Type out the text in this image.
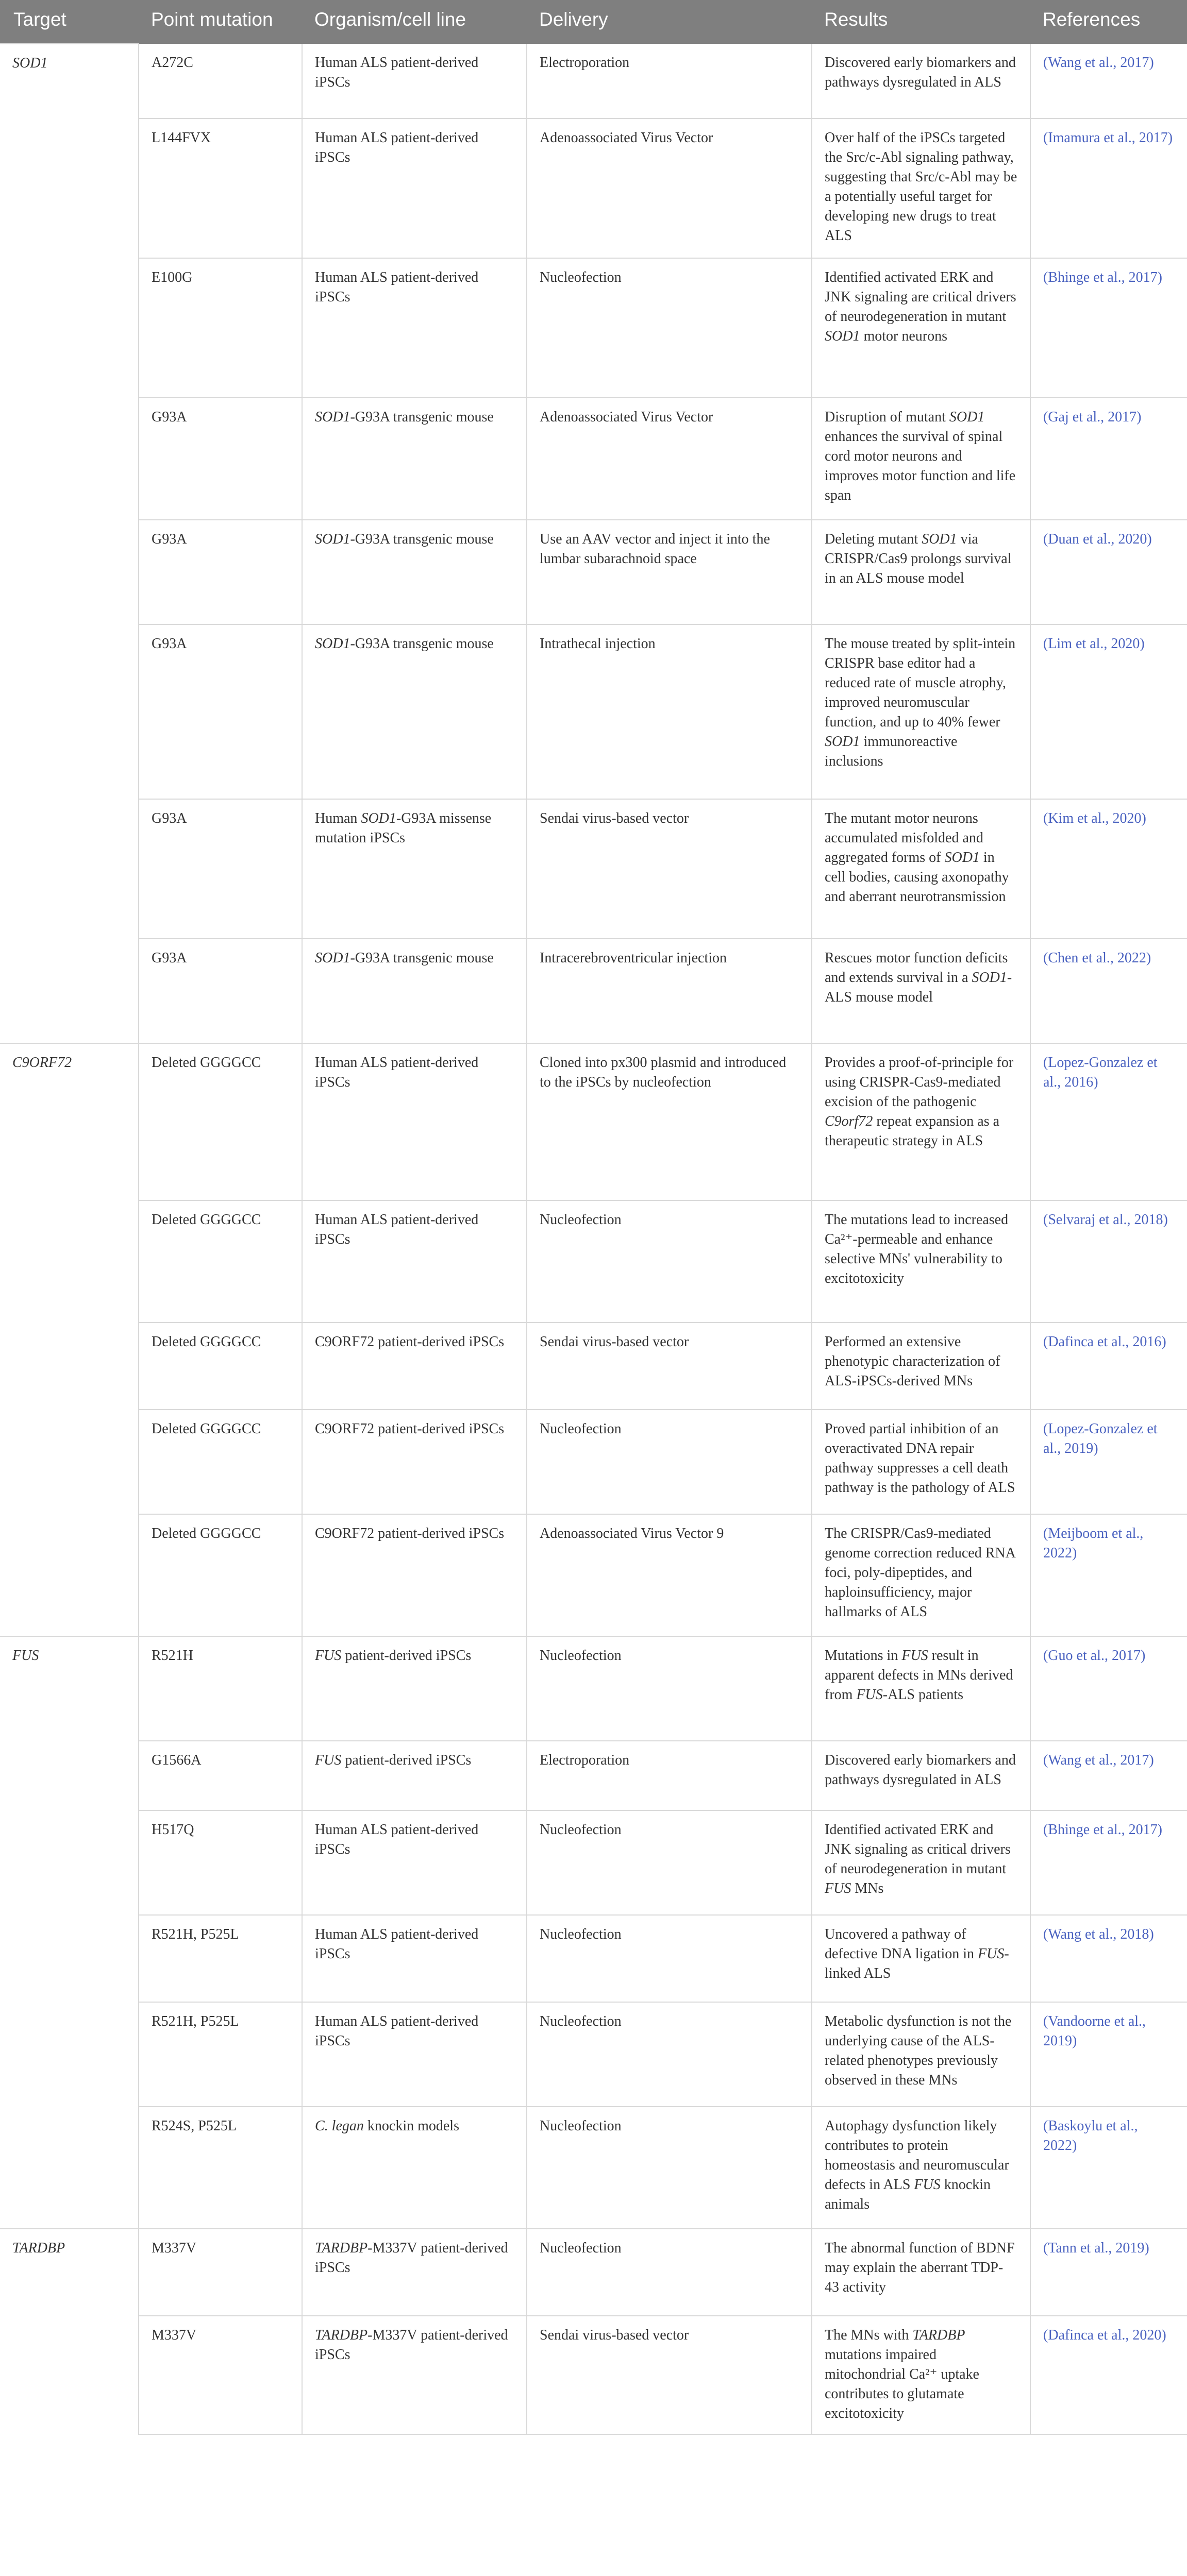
Target	Point mutation	Organism/cell line	Delivery	Results	References
SOD1	A272C	Human ALS patient-derived iPSCs	Electroporation	Discovered early biomarkers and pathways dysregulated in ALS	(Wang et al., 2017)
	L144FVX	Human ALS patient-derived iPSCs	Adenoassociated Virus Vector	Over half of the iPSCs targeted the Src/c-Abl signaling pathway, suggesting that Src/c-Abl may be a potentially useful target for developing new drugs to treat ALS	(Imamura et al., 2017)
	E100G	Human ALS patient-derived iPSCs	Nucleofection	Identified activated ERK and JNK signaling are critical drivers of neurodegeneration in mutant SOD1 motor neurons	(Bhinge et al., 2017)
	G93A	SOD1-G93A transgenic mouse	Adenoassociated Virus Vector	Disruption of mutant SOD1 enhances the survival of spinal cord motor neurons and improves motor function and life span	(Gaj et al., 2017)
	G93A	SOD1-G93A transgenic mouse	Use an AAV vector and inject it into the lumbar subarachnoid space	Deleting mutant SOD1 via CRISPR/Cas9 prolongs survival in an ALS mouse model	(Duan et al., 2020)
	G93A	SOD1-G93A transgenic mouse	Intrathecal injection	The mouse treated by split-intein CRISPR base editor had a reduced rate of muscle atrophy, improved neuromuscular function, and up to 40% fewer SOD1 immunoreactive inclusions	(Lim et al., 2020)
	G93A	Human SOD1-G93A missense mutation iPSCs	Sendai virus-based vector	The mutant motor neurons accumulated misfolded and aggregated forms of SOD1 in cell bodies, causing axonopathy and aberrant neurotransmission	(Kim et al., 2020)
	G93A	SOD1-G93A transgenic mouse	Intracerebroventricular injection	Rescues motor function deficits and extends survival in a SOD1-ALS mouse model	(Chen et al., 2022)
C9ORF72	Deleted GGGGCC	Human ALS patient-derived iPSCs	Cloned into px300 plasmid and introduced to the iPSCs by nucleofection	Provides a proof-of-principle for using CRISPR-Cas9-mediated excision of the pathogenic C9orf72 repeat expansion as a therapeutic strategy in ALS	(Lopez-Gonzalez et al., 2016)
	Deleted GGGGCC	Human ALS patient-derived iPSCs	Nucleofection	The mutations lead to increased Ca²⁺-permeable and enhance selective MNs' vulnerability to excitotoxicity	(Selvaraj et al., 2018)
	Deleted GGGGCC	C9ORF72 patient-derived iPSCs	Sendai virus-based vector	Performed an extensive phenotypic characterization of ALS-iPSCs-derived MNs	(Dafinca et al., 2016)
	Deleted GGGGCC	C9ORF72 patient-derived iPSCs	Nucleofection	Proved partial inhibition of an overactivated DNA repair pathway suppresses a cell death pathway is the pathology of ALS	(Lopez-Gonzalez et al., 2019)
	Deleted GGGGCC	C9ORF72 patient-derived iPSCs	Adenoassociated Virus Vector 9	The CRISPR/Cas9-mediated genome correction reduced RNA foci, poly-dipeptides, and haploinsufficiency, major hallmarks of ALS	(Meijboom et al., 2022)
FUS	R521H	FUS patient-derived iPSCs	Nucleofection	Mutations in FUS result in apparent defects in MNs derived from FUS-ALS patients	(Guo et al., 2017)
	G1566A	FUS patient-derived iPSCs	Electroporation	Discovered early biomarkers and pathways dysregulated in ALS	(Wang et al., 2017)
	H517Q	Human ALS patient-derived iPSCs	Nucleofection	Identified activated ERK and JNK signaling as critical drivers of neurodegeneration in mutant FUS MNs	(Bhinge et al., 2017)
	R521H, P525L	Human ALS patient-derived iPSCs	Nucleofection	Uncovered a pathway of defective DNA ligation in FUS-linked ALS	(Wang et al., 2018)
	R521H, P525L	Human ALS patient-derived iPSCs	Nucleofection	Metabolic dysfunction is not the underlying cause of the ALS-related phenotypes previously observed in these MNs	(Vandoorne et al., 2019)
	R524S, P525L	C. legan knockin models	Nucleofection	Autophagy dysfunction likely contributes to protein homeostasis and neuromuscular defects in ALS FUS knockin animals	(Baskoylu et al., 2022)
TARDBP	M337V	TARDBP-M337V patient-derived iPSCs	Nucleofection	The abnormal function of BDNF may explain the aberrant TDP-43 activity	(Tann et al., 2019)
	M337V	TARDBP-M337V patient-derived iPSCs	Sendai virus-based vector	The MNs with TARDBP mutations impaired mitochondrial Ca²⁺ uptake contributes to glutamate excitotoxicity	(Dafinca et al., 2020)
